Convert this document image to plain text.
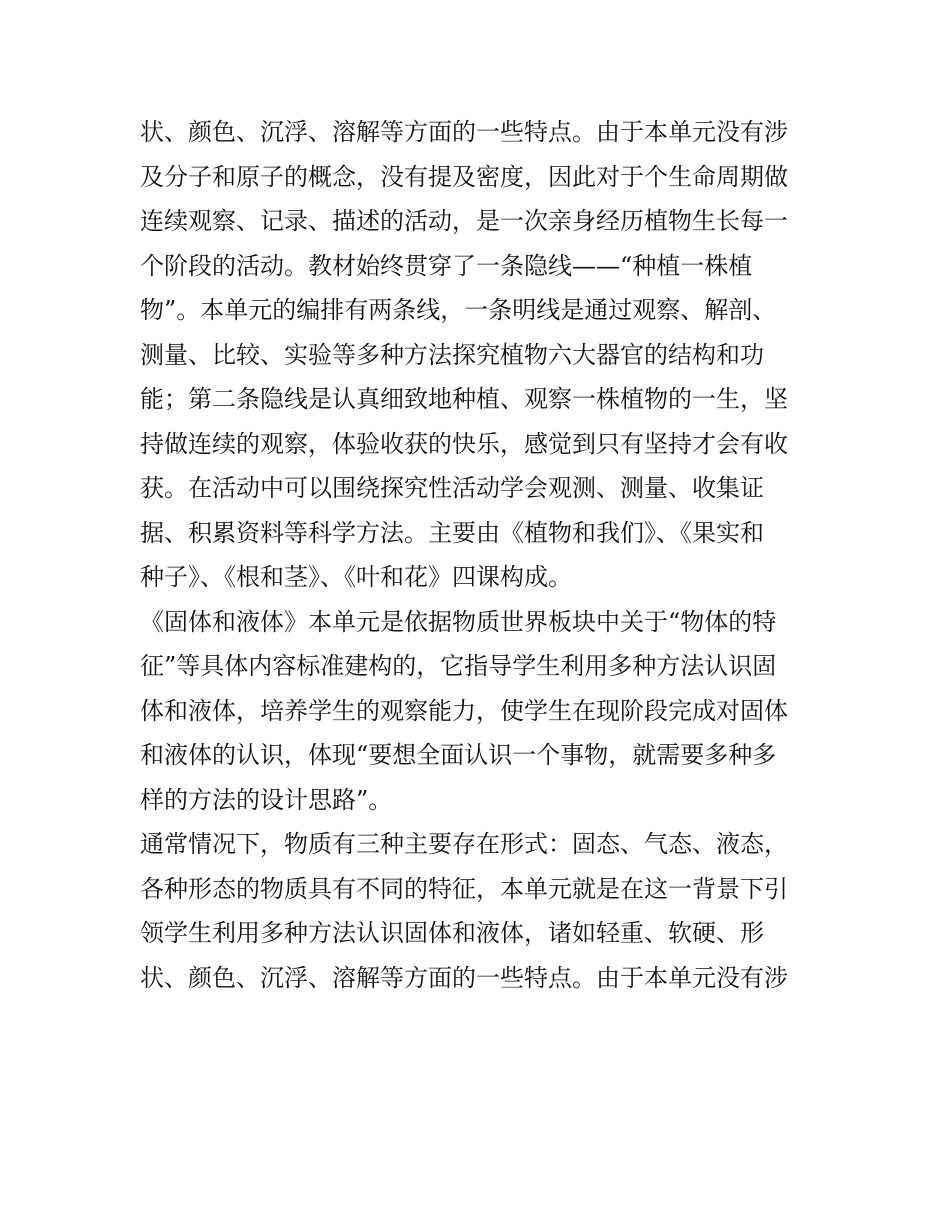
状、颜色、沉浮、溶解等方面的一些特点。由于本单元没有涉
及分子和原子的概念，没有提及密度，因此对于个生命周期做
连续观察、记录、描述的活动，是一次亲身经历植物生长每一
个阶段的活动。教材始终贯穿了一条隐线——“种植一株植
物”。本单元的编排有两条线，一条明线是通过观察、解剖、
测量、比较、实验等多种方法探究植物六大器官的结构和功
能；第二条隐线是认真细致地种植、观察一株植物的一生，坚
持做连续的观察，体验收获的快乐，感觉到只有坚持才会有收
获。在活动中可以围绕探究性活动学会观测、测量、收集证
据、积累资料等科学方法。主要由《植物和我们》、《果实和
种子》、《根和茎》、《叶和花》四课构成。
《固体和液体》本单元是依据物质世界板块中关于“物体的特
征”等具体内容标准建构的，它指导学生利用多种方法认识固
体和液体，培养学生的观察能力，使学生在现阶段完成对固体
和液体的认识，体现“要想全面认识一个事物，就需要多种多
样的方法的设计思路”。
通常情况下，物质有三种主要存在形式：固态、气态、液态，
各种形态的物质具有不同的特征，本单元就是在这一背景下引
领学生利用多种方法认识固体和液体，诸如轻重、软硬、形
状、颜色、沉浮、溶解等方面的一些特点。由于本单元没有涉
